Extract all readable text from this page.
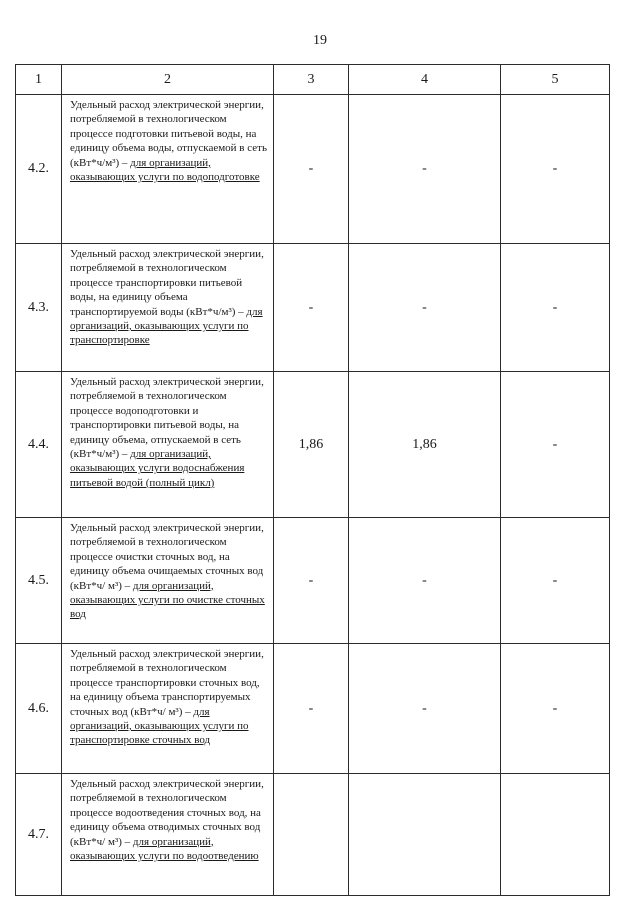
19
1	2	3	4	5
4.2.	Удельный расход электрической энергии, потребляемой в технологическом процессе подготовки питьевой воды, на единицу объема воды, отпускаемой в сеть (кВт*ч/м³) – для организаций, оказывающих услуги по водоподготовке	-	-	-
4.3.	Удельный расход электрической энергии, потребляемой в технологическом процессе транспортировки питьевой воды, на единицу объема транспортируемой воды (кВт*ч/м³) – для организаций, оказывающих услуги по транспортировке	-	-	-
4.4.	Удельный расход электрической энергии, потребляемой в технологическом процессе водоподготовки и транспортировки питьевой воды, на единицу объема, отпускаемой в сеть (кВт*ч/м³) – для организаций, оказывающих услуги водоснабжения питьевой водой (полный цикл)	1,86	1,86	-
4.5.	Удельный расход электрической энергии, потребляемой в технологическом процессе очистки сточных вод, на единицу объема очищаемых сточных вод (кВт*ч/ м³) – для организаций, оказывающих услуги по очистке сточных вод	-	-	-
4.6.	Удельный расход электрической энергии, потребляемой в технологическом процессе транспортировки сточных вод, на единицу объема транспортируемых сточных вод (кВт*ч/ м³) – для организаций, оказывающих услуги по транспортировке сточных вод	-	-	-
4.7.	Удельный расход электрической энергии, потребляемой в технологическом процессе водоотведения сточных вод, на единицу объема отводимых сточных вод (кВт*ч/ м³) – для организаций, оказывающих услуги по водоотведению			
